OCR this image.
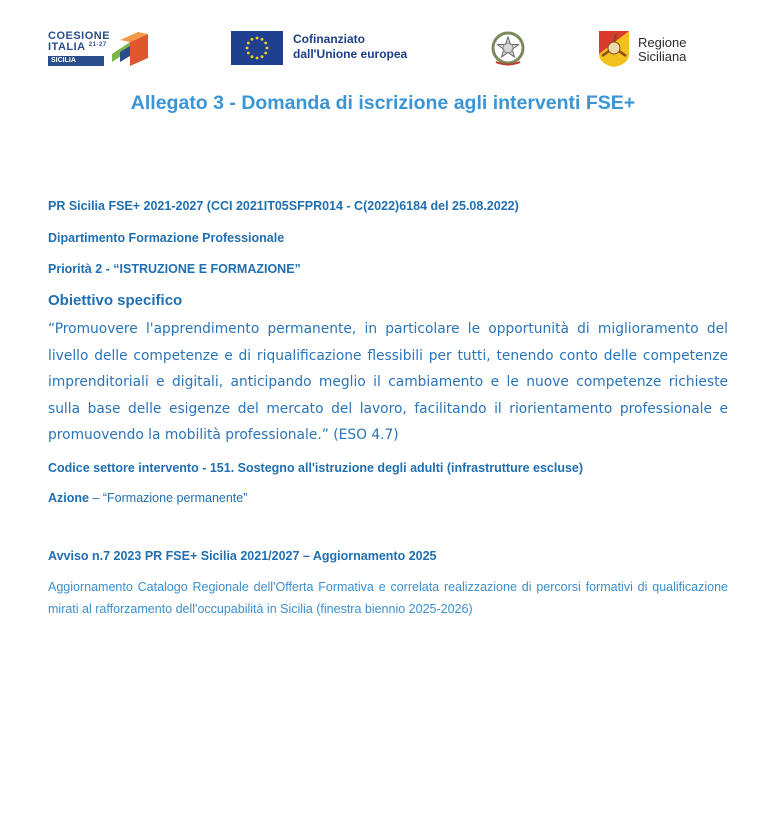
COESIONE
ITALIA $^{21-27}$
SICILIA
Cofinanziato
dall'Unione europea
Regione
Siciliana
Allegato 3 - Domanda di iscrizione agli interventi FSE+
PR Sicilia FSE+ 2021-2027 (CCI 2021IT05SFPR014 - C(2022)6184 del 25.08.2022)
Dipartimento Formazione Professionale
Priorità 2 - “ISTRUZIONE E FORMAZIONE”
Obiettivo specifico
“Promuovere l'apprendimento permanente, in particolare le opportunità di miglioramento del livello delle competenze e di riqualificazione flessibili per tutti, tenendo conto delle competenze imprenditoriali e digitali, anticipando meglio il cambiamento e le nuove competenze richieste sulla base delle esigenze del mercato del lavoro, facilitando il riorientamento professionale e promuovendo la mobilità professionale.” (ESO 4.7)
Codice settore intervento - 151. Sostegno all'istruzione degli adulti (infrastrutture escluse)
Azione – “Formazione permanente”
Avviso n.7 2023 PR FSE+ Sicilia 2021/2027 – Aggiornamento 2025
Aggiornamento Catalogo Regionale dell'Offerta Formativa e correlata realizzazione di percorsi formativi di qualificazione mirati al rafforzamento dell'occupabilità in Sicilia (finestra biennio 2025-2026)
